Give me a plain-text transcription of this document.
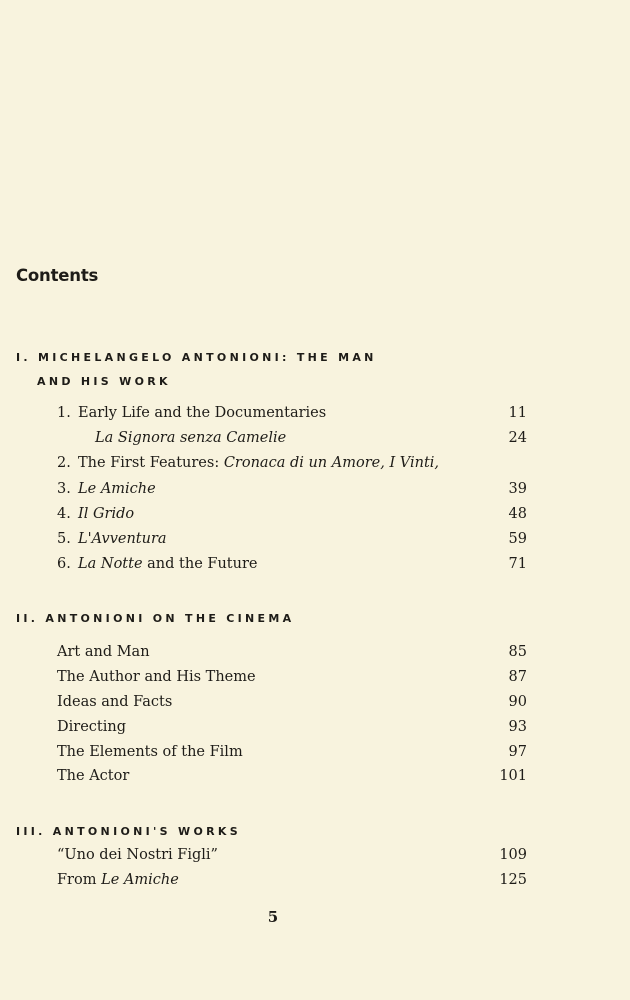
Contents
I. MICHELANGELO ANTONIONI: THE MAN
AND HIS WORK
1. Early Life and the Documentaries	11
La Signora senza Camelie	24
2. The First Features: Cronaca di un Amore, I Vinti,
3. Le Amiche	39
4. Il Grido	48
5. L'Avventura	59
6. La Notte and the Future	71
II. ANTONIONI ON THE CINEMA
Art and Man	85
The Author and His Theme	87
Ideas and Facts	90
Directing	93
The Elements of the Film	97
The Actor	101
III. ANTONIONI'S WORKS
“Uno dei Nostri Figli”	109
From Le Amiche	125
5
